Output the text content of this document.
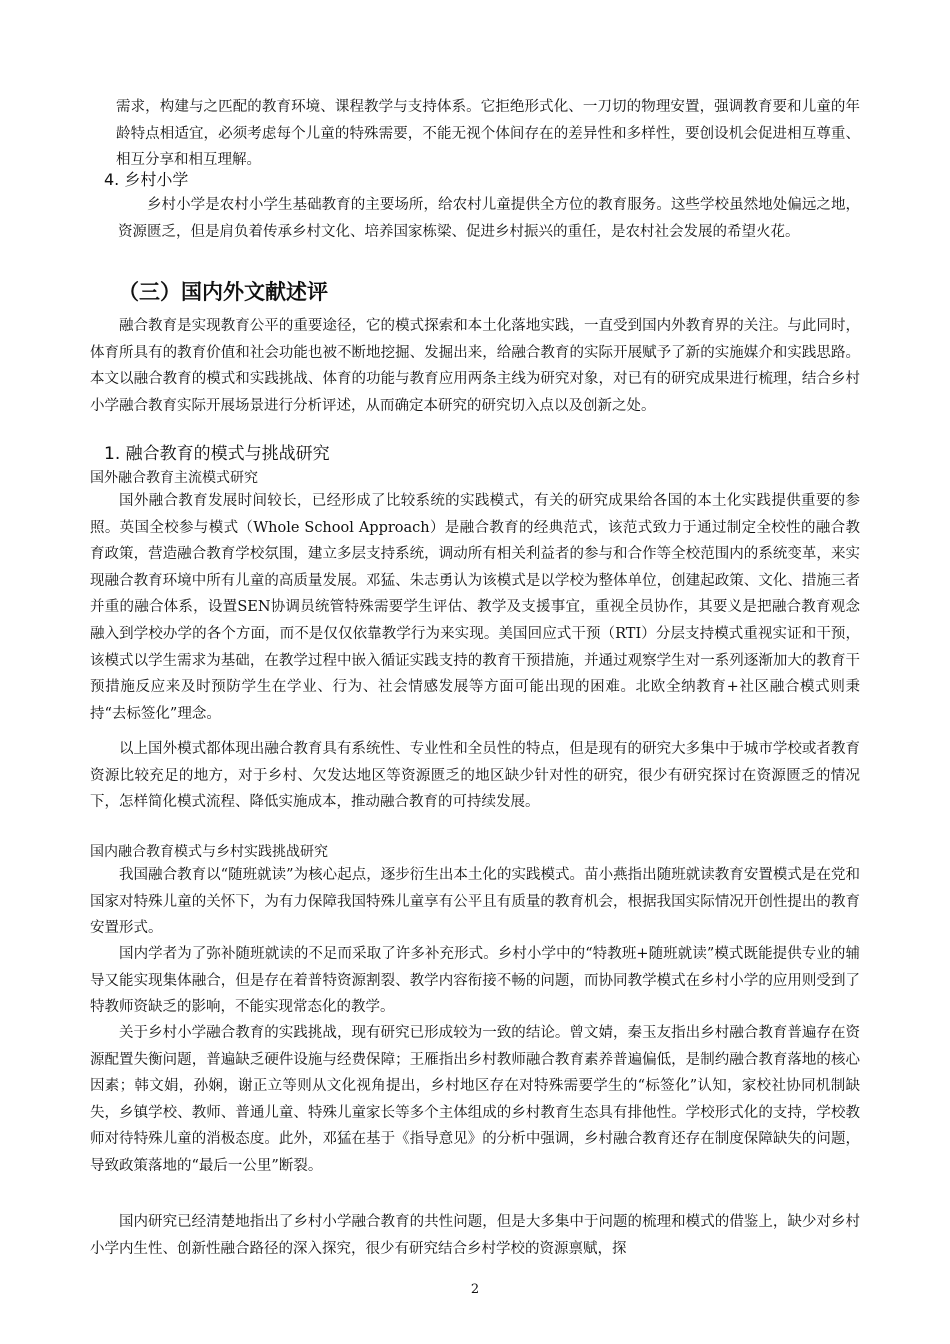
需求，构建与之匹配的教育环境、课程教学与支持体系。它拒绝形式化、一刀切的物理安置，强调教育要和儿童的年龄特点相适宜，必须考虑每个儿童的特殊需要，不能无视个体间存在的差异性和多样性，要创设机会促进相互尊重、相互分享和相互理解。

4. 乡村小学

乡村小学是农村小学生基础教育的主要场所，给农村儿童提供全方位的教育服务。这些学校虽然地处偏远之地，资源匮乏，但是肩负着传承乡村文化、培养国家栋梁、促进乡村振兴的重任，是农村社会发展的希望火花。

（三）国内外文献述评

融合教育是实现教育公平的重要途径，它的模式探索和本土化落地实践，一直受到国内外教育界的关注。与此同时，体育所具有的教育价值和社会功能也被不断地挖掘、发掘出来，给融合教育的实际开展赋予了新的实施媒介和实践思路。本文以融合教育的模式和实践挑战、体育的功能与教育应用两条主线为研究对象，对已有的研究成果进行梳理，结合乡村小学融合教育实际开展场景进行分析评述，从而确定本研究的研究切入点以及创新之处。

1. 融合教育的模式与挑战研究
国外融合教育主流模式研究

国外融合教育发展时间较长，已经形成了比较系统的实践模式，有关的研究成果给各国的本土化实践提供重要的参照。英国全校参与模式（Whole School Approach）是融合教育的经典范式，该范式致力于通过制定全校性的融合教育政策，营造融合教育学校氛围，建立多层支持系统，调动所有相关利益者的参与和合作等全校范围内的系统变革，来实现融合教育环境中所有儿童的高质量发展。邓猛、朱志勇认为该模式是以学校为整体单位，创建起政策、文化、措施三者并重的融合体系，设置SEN协调员统管特殊需要学生评估、教学及支援事宜，重视全员协作，其要义是把融合教育观念融入到学校办学的各个方面，而不是仅仅依靠教学行为来实现。美国回应式干预（RTI）分层支持模式重视实证和干预，该模式以学生需求为基础，在教学过程中嵌入循证实践支持的教育干预措施，并通过观察学生对一系列逐渐加大的教育干预措施反应来及时预防学生在学业、行为、社会情感发展等方面可能出现的困难。北欧全纳教育+社区融合模式则秉持“去标签化”理念。

以上国外模式都体现出融合教育具有系统性、专业性和全员性的特点，但是现有的研究大多集中于城市学校或者教育资源比较充足的地方，对于乡村、欠发达地区等资源匮乏的地区缺少针对性的研究，很少有研究探讨在资源匮乏的情况下，怎样简化模式流程、降低实施成本，推动融合教育的可持续发展。

国内融合教育模式与乡村实践挑战研究

我国融合教育以“随班就读”为核心起点，逐步衍生出本土化的实践模式。苗小燕指出随班就读教育安置模式是在党和国家对特殊儿童的关怀下，为有力保障我国特殊儿童享有公平且有质量的教育机会，根据我国实际情况开创性提出的教育安置形式。

国内学者为了弥补随班就读的不足而采取了许多补充形式。乡村小学中的“特教班+随班就读”模式既能提供专业的辅导又能实现集体融合，但是存在着普特资源割裂、教学内容衔接不畅的问题，而协同教学模式在乡村小学的应用则受到了特教师资缺乏的影响，不能实现常态化的教学。

关于乡村小学融合教育的实践挑战，现有研究已形成较为一致的结论。曾文婧，秦玉友指出乡村融合教育普遍存在资源配置失衡问题，普遍缺乏硬件设施与经费保障；王雁指出乡村教师融合教育素养普遍偏低，是制约融合教育落地的核心因素；韩文娟，孙娴，谢正立等则从文化视角提出，乡村地区存在对特殊需要学生的“标签化”认知，家校社协同机制缺失，乡镇学校、教师、普通儿童、特殊儿童家长等多个主体组成的乡村教育生态具有排他性。学校形式化的支持，学校教师对待特殊儿童的消极态度。此外，邓猛在基于《指导意见》的分析中强调，乡村融合教育还存在制度保障缺失的问题，导致政策落地的“最后一公里”断裂。

国内研究已经清楚地指出了乡村小学融合教育的共性问题，但是大多集中于问题的梳理和模式的借鉴上，缺少对乡村小学内生性、创新性融合路径的深入探究，很少有研究结合乡村学校的资源禀赋，探

2
